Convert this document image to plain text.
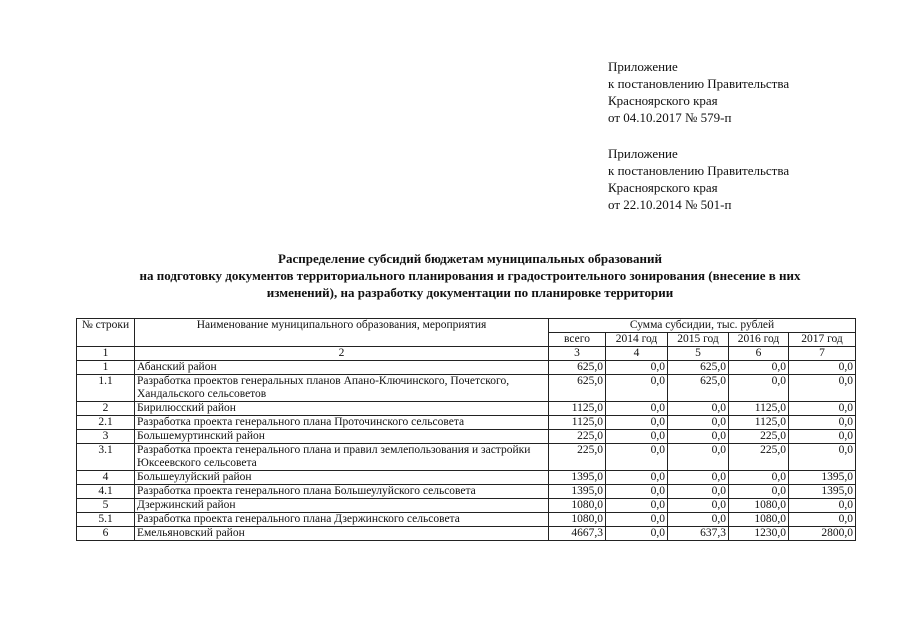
Приложение
к постановлению Правительства
Красноярского края
от 04.10.2017 № 579-п
Приложение
к постановлению Правительства
Красноярского края
от 22.10.2014 № 501-п
Распределение субсидий бюджетам муниципальных образований
на подготовку документов территориального планирования и градостроительного зонирования (внесение в них
изменений), на разработку документации по планировке территории
№ строки	Наименование муниципального образования, мероприятия	Сумма субсидии, тыс. рублей				
		всего	2014 год	2015 год	2016 год	2017 год
1	2	3	4	5	6	7
1	Абанский район	625,0	0,0	625,0	0,0	0,0
1.1	Разработка проектов генеральных планов Апано-Ключинского, Почетского, Хандальского сельсоветов	625,0	0,0	625,0	0,0	0,0
2	Бирилюсский район	1125,0	0,0	0,0	1125,0	0,0
2.1	Разработка проекта генерального плана Проточинского сельсовета	1125,0	0,0	0,0	1125,0	0,0
3	Большемуртинский район	225,0	0,0	0,0	225,0	0,0
3.1	Разработка проекта генерального плана и правил землепользования и застройки Юксеевского сельсовета	225,0	0,0	0,0	225,0	0,0
4	Большеулуйский район	1395,0	0,0	0,0	0,0	1395,0
4.1	Разработка проекта генерального плана Большеулуйского сельсовета	1395,0	0,0	0,0	0,0	1395,0
5	Дзержинский район	1080,0	0,0	0,0	1080,0	0,0
5.1	Разработка проекта генерального плана Дзержинского сельсовета	1080,0	0,0	0,0	1080,0	0,0
6	Емельяновский район	4667,3	0,0	637,3	1230,0	2800,0
